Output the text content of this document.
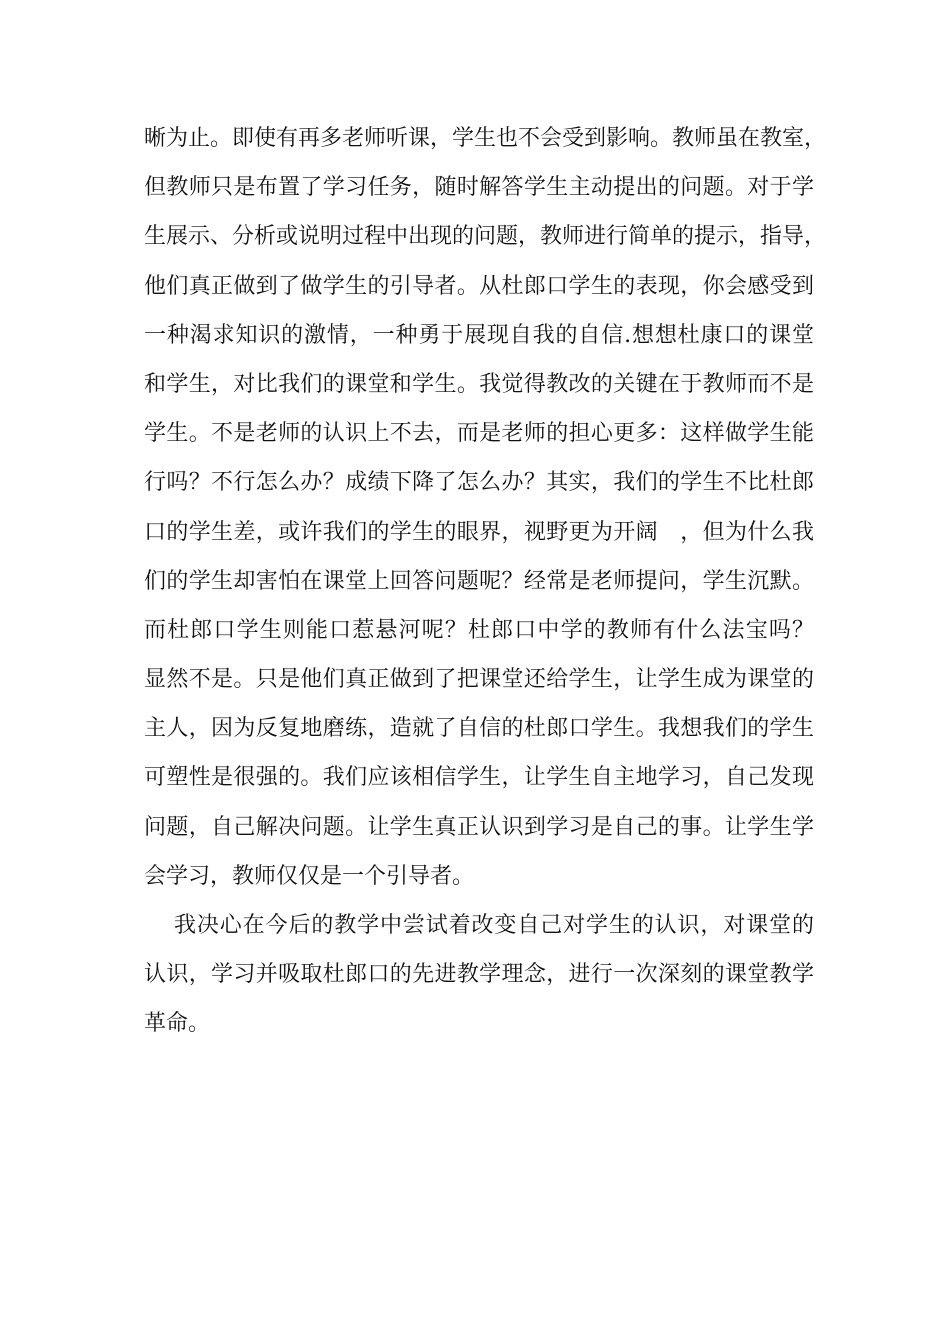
晰为止。即使有再多老师听课，学生也不会受到影响。教师虽在教室，
但教师只是布置了学习任务，随时解答学生主动提出的问题。对于学
生展示、分析或说明过程中出现的问题，教师进行简单的提示，指导，
他们真正做到了做学生的引导者。从杜郎口学生的表现，你会感受到
一种渴求知识的激情，一种勇于展现自我的自信.想想杜康口的课堂
和学生，对比我们的课堂和学生。我觉得教改的关键在于教师而不是
学生。不是老师的认识上不去，而是老师的担心更多：这样做学生能
行吗？不行怎么办？成绩下降了怎么办？其实，我们的学生不比杜郎
口的学生差，或许我们的学生的眼界，视野更为开阔　，但为什么我
们的学生却害怕在课堂上回答问题呢？经常是老师提问，学生沉默。
而杜郎口学生则能口惹悬河呢？杜郎口中学的教师有什么法宝吗？
显然不是。只是他们真正做到了把课堂还给学生，让学生成为课堂的
主人，因为反复地磨练，造就了自信的杜郎口学生。我想我们的学生
可塑性是很强的。我们应该相信学生，让学生自主地学习，自己发现
问题，自己解决问题。让学生真正认识到学习是自己的事。让学生学
会学习，教师仅仅是一个引导者。
我决心在今后的教学中尝试着改变自己对学生的认识，对课堂的
认识，学习并吸取杜郎口的先进教学理念，进行一次深刻的课堂教学
革命。
